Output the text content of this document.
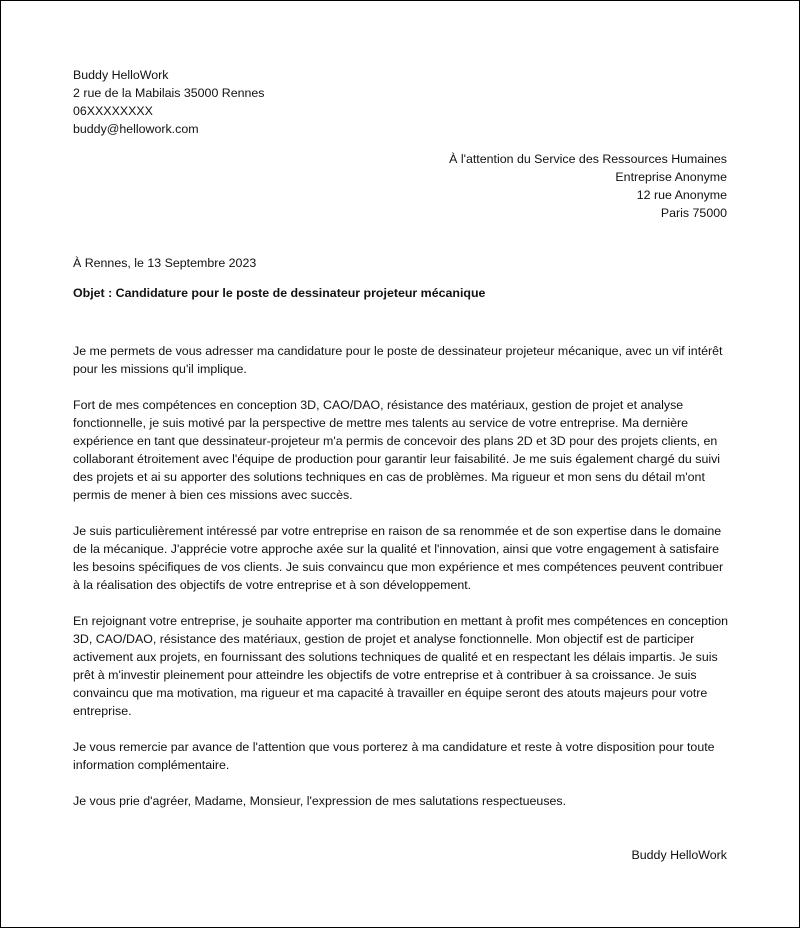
Buddy HelloWork
2 rue de la Mabilais 35000 Rennes
06XXXXXXXX
buddy@hellowork.com
À l'attention du Service des Ressources Humaines
Entreprise Anonyme
12 rue Anonyme
Paris 75000
À Rennes, le 13 Septembre 2023
Objet : Candidature pour le poste de dessinateur projeteur mécanique

Je me permets de vous adresser ma candidature pour le poste de dessinateur projeteur mécanique, avec un vif intérêt pour les missions qu'il implique.

Fort de mes compétences en conception 3D, CAO/DAO, résistance des matériaux, gestion de projet et analyse fonctionnelle, je suis motivé par la perspective de mettre mes talents au service de votre entreprise. Ma dernière expérience en tant que dessinateur-projeteur m'a permis de concevoir des plans 2D et 3D pour des projets clients, en collaborant étroitement avec l'équipe de production pour garantir leur faisabilité. Je me suis également chargé du suivi des projets et ai su apporter des solutions techniques en cas de problèmes. Ma rigueur et mon sens du détail m'ont permis de mener à bien ces missions avec succès.

Je suis particulièrement intéressé par votre entreprise en raison de sa renommée et de son expertise dans le domaine de la mécanique. J'apprécie votre approche axée sur la qualité et l'innovation, ainsi que votre engagement à satisfaire les besoins spécifiques de vos clients. Je suis convaincu que mon expérience et mes compétences peuvent contribuer à la réalisation des objectifs de votre entreprise et à son développement.

En rejoignant votre entreprise, je souhaite apporter ma contribution en mettant à profit mes compétences en conception 3D, CAO/DAO, résistance des matériaux, gestion de projet et analyse fonctionnelle. Mon objectif est de participer activement aux projets, en fournissant des solutions techniques de qualité et en respectant les délais impartis. Je suis prêt à m'investir pleinement pour atteindre les objectifs de votre entreprise et à contribuer à sa croissance. Je suis convaincu que ma motivation, ma rigueur et ma capacité à travailler en équipe seront des atouts majeurs pour votre entreprise.

Je vous remercie par avance de l'attention que vous porterez à ma candidature et reste à votre disposition pour toute information complémentaire.

Je vous prie d'agréer, Madame, Monsieur, l'expression de mes salutations respectueuses.

Buddy HelloWork
